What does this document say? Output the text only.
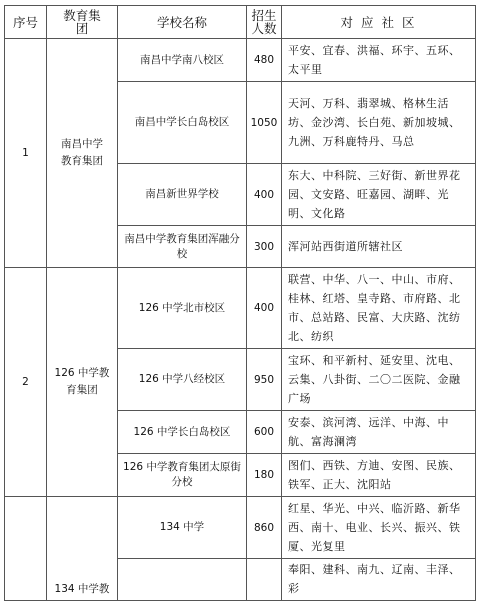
序号	教育集团	学校名称	招生人数	对 应 社 区
1	南昌中学教育集团	南昌中学南八校区	480	平安、宜春、洪福、环宇、五环、太平里
		南昌中学长白岛校区	1050	天河、万科、翡翠城、格林生活坊、金沙湾、长白苑、新加坡城、九洲、万科鹿特丹、马总
		南昌新世界学校	400	东大、中科院、三好街、新世界花园、文安路、旺嘉园、湖畔、光明、文化路
		南昌中学教育集团浑融分校	300	浑河站西街道所辖社区
2	126 中学教育集团	126 中学北市校区	400	联营、中华、八一、中山、市府、桂林、红塔、皇寺路、市府路、北市、总站路、民富、大庆路、沈纺北、纺织
		126 中学八经校区	950	宝环、和平新村、延安里、沈电、云集、八卦街、二〇二医院、金融广场
		126 中学长白岛校区	600	安泰、滨河湾、远洋、中海、中航、富海澜湾
		126 中学教育集团太原街分校	180	图们、西铁、方迪、安图、民族、铁军、正大、沈阳站
	134 中学教	134 中学	860	红星、华光、中兴、临沂路、新华西、南十、电业、长兴、振兴、铁厦、光复里
				奉阳、建科、南九、辽南、丰泽、彩
